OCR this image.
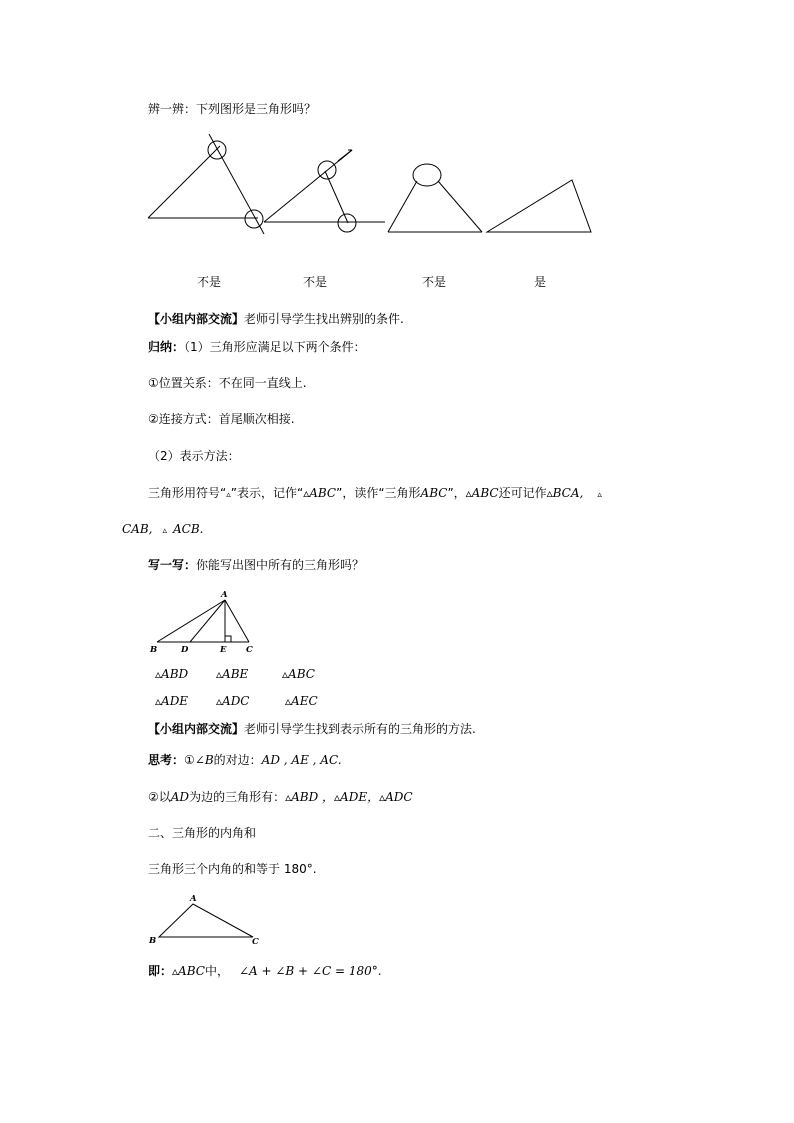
辨一辨：下列图形是三角形吗？
不是	不是	不是	是
【小组内部交流】老师引导学生找出辨别的条件.
归纳：（1）三角形应满足以下两个条件：
①位置关系：不在同一直线上.
②连接方式：首尾顺次相接.
（2）表示方法：
三角形用符号“▵”表示，记作“▵ABC”，读作“三角形ABC”，▵ABC还可记作▵BCA, ▵
CAB, ▵ ACB.
写一写：你能写出图中所有的三角形吗？
A
B	D	E C
▵ABD ▵ABE	▵ABC
▵ADE ▵ADC	▵AEC
【小组内部交流】老师引导学生找到表示所有的三角形的方法.
思考：①∠B的对边：AD , AE , AC.
②以AD为边的三角形有：▵ABD ，▵ADE，▵ADC
二、三角形的内角和
三角形三个内角的和等于 180°.
A
B	C
即：▵ABC中， ∠A + ∠B + ∠C = 180°.
